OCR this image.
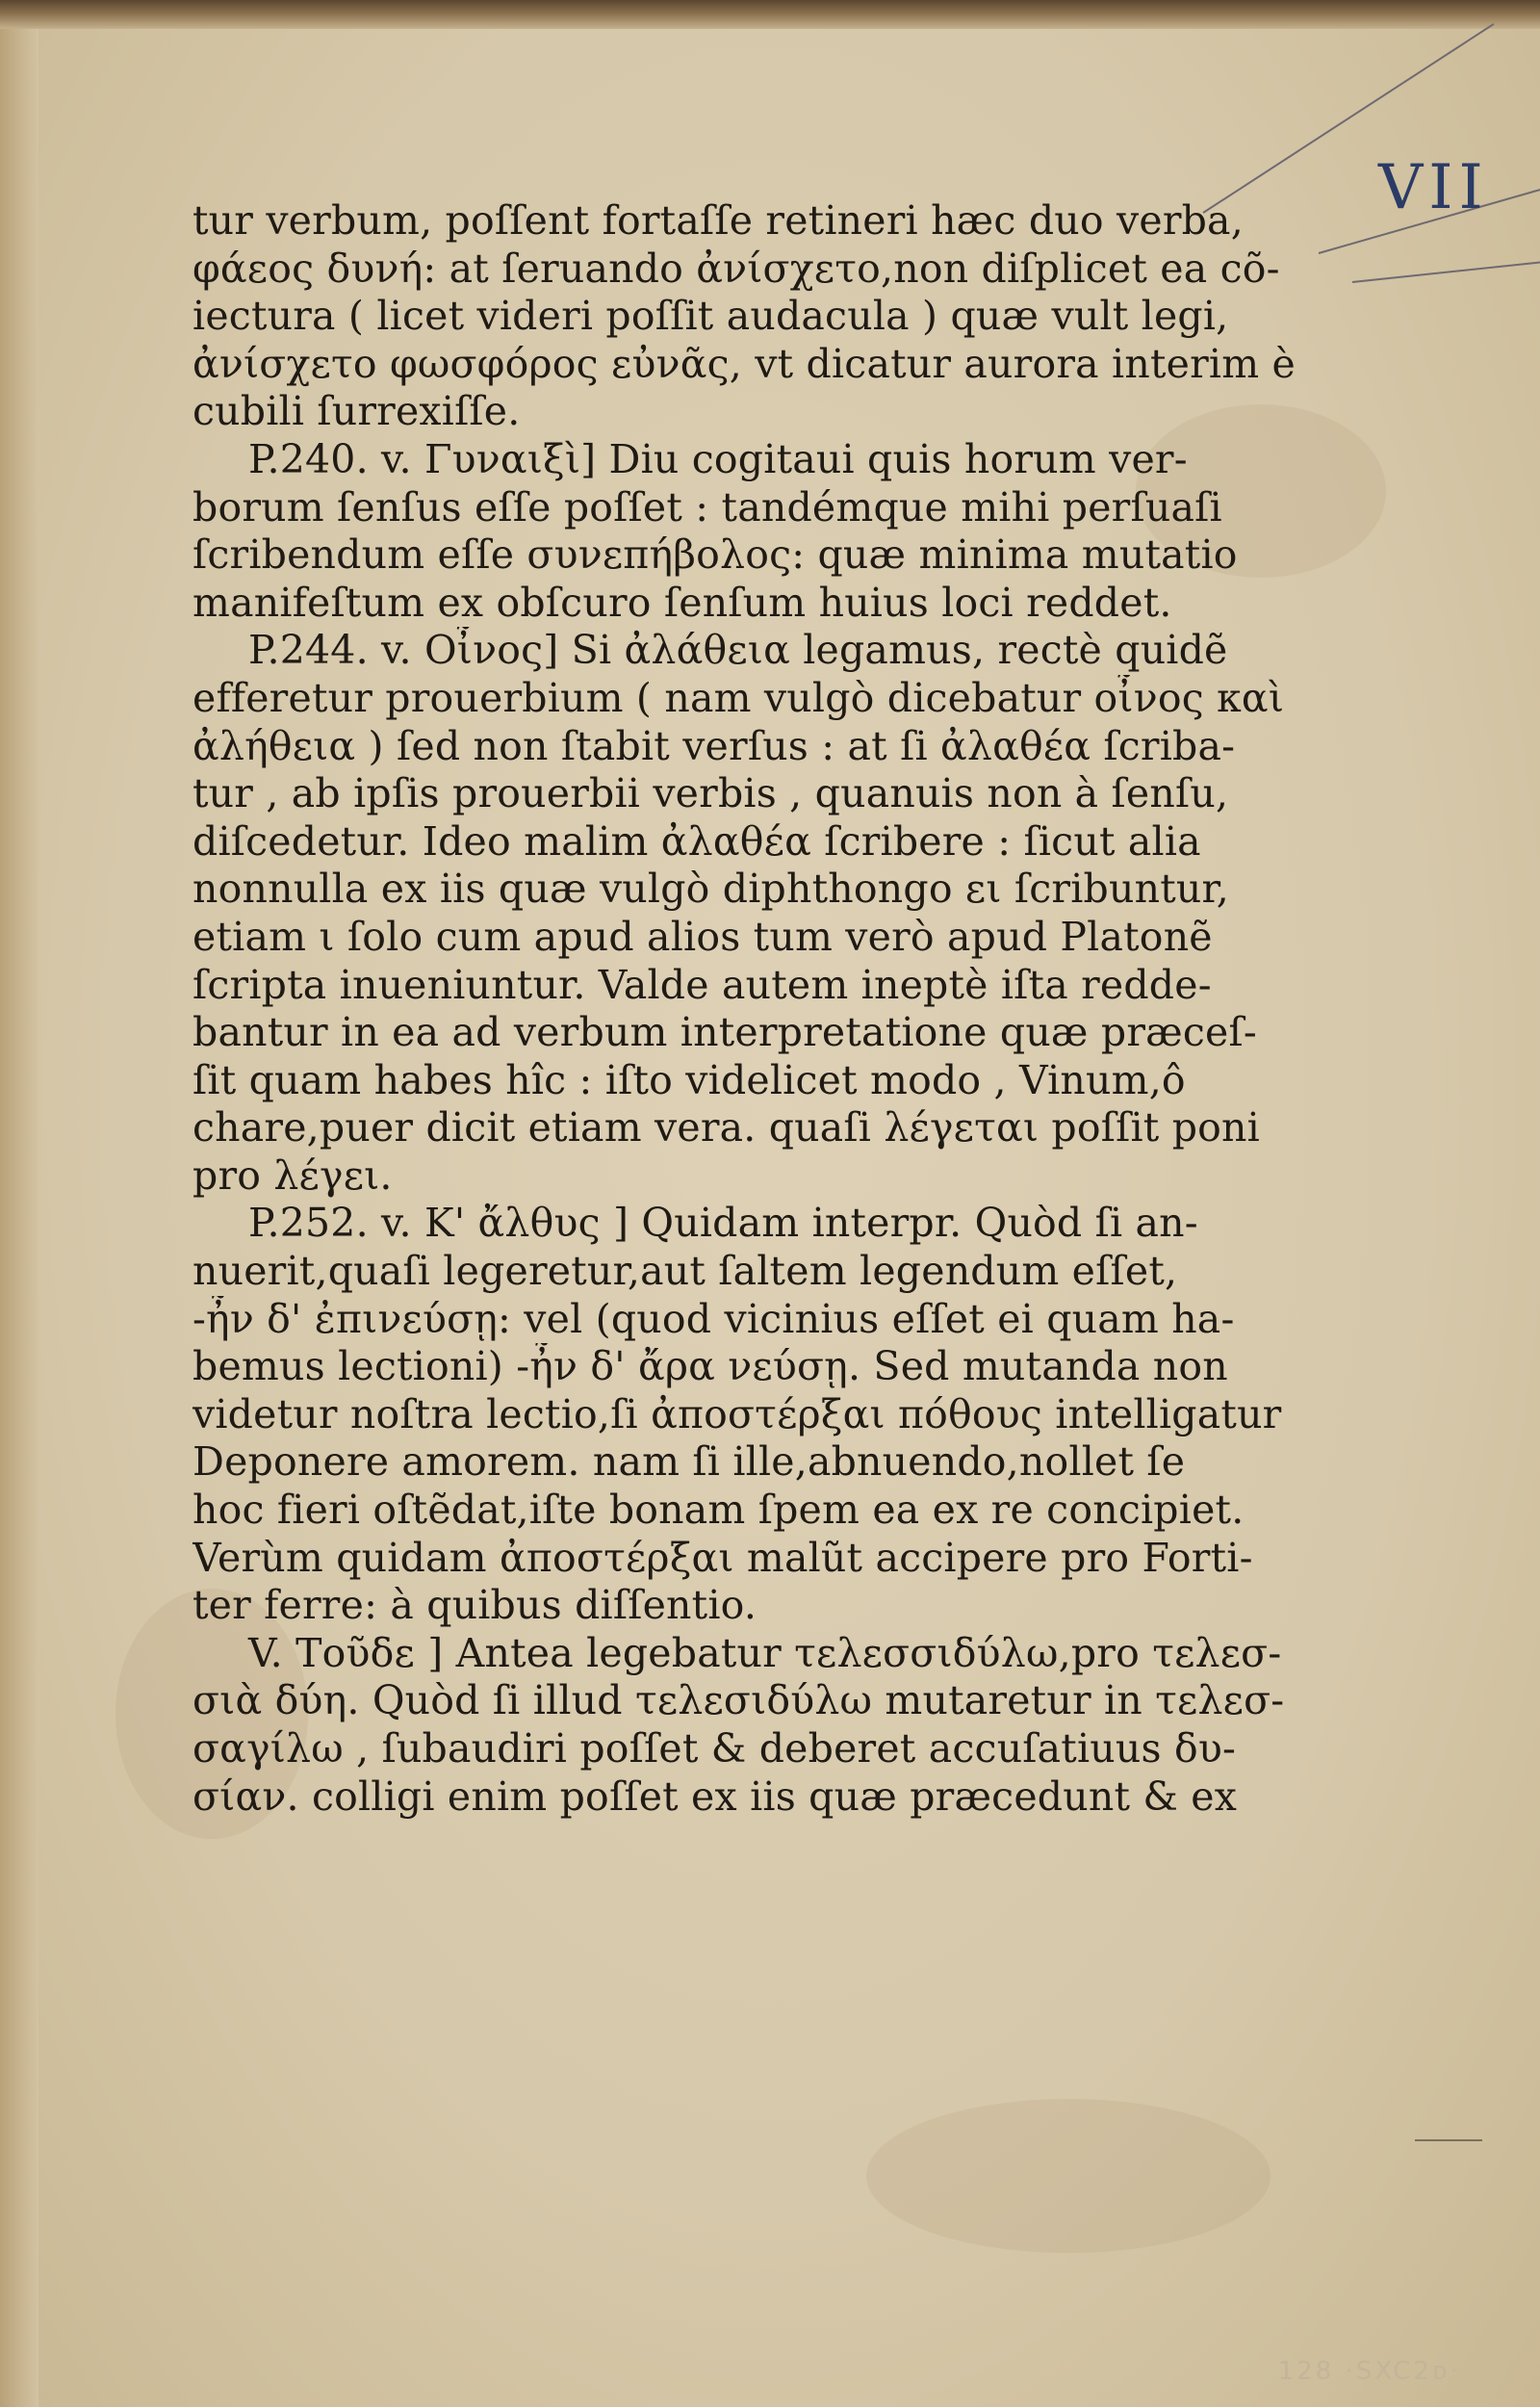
VII
tur verbum, poſſent fortaſſe retineri hæc duo verba,
φάεος δυνή: at ſeruando ἀνίσχετο,non diſplicet ea cõ-
iectura ( licet videri poſſit audacula ) quæ vult legi,
ἀνίσχετο φωσφόρος εὐνᾶς, vt dicatur aurora interim è
cubili ſurrexiſſe.
P.240. v. Γυναιξὶ] Diu cogitaui quis horum ver-
borum ſenſus eſſe poſſet : tandémque mihi perſuaſi
ſcribendum eſſe συνεπήβολος: quæ minima mutatio
manifeſtum ex obſcuro ſenſum huius loci reddet.
P.244. v. Οἶνος] Si ἀλάθεια legamus, rectè quidẽ
efferetur prouerbium ( nam vulgò dicebatur οἶνος καὶ
ἀλήθεια ) ſed non ſtabit verſus : at ſi ἀλαθέα ſcriba-
tur , ab ipſis prouerbii verbis , quanuis non à ſenſu,
diſcedetur. Ideo malim ἀλαθέα ſcribere : ſicut alia
nonnulla ex iis quæ vulgò diphthongo ει ſcribuntur,
etiam ι ſolo cum apud alios tum verò apud Platonẽ
ſcripta inueniuntur. Valde autem ineptè iſta redde-
bantur in ea ad verbum interpretatione quæ præceſ-
ſit quam habes hîc : iſto videlicet modo , Vinum,ô
chare,puer dicit etiam vera. quaſi λέγεται poſſit poni
pro λέγει.
P.252. v. Κ' ἄλθυς ] Quidam interpr. Quòd ſi an-
nuerit,quaſi legeretur,aut ſaltem legendum eſſet,
-ἦν δ' ἐπινεύσῃ: vel (quod vicinius eſſet ei quam ha-
bemus lectioni) -ἦν δ' ἄρα νεύσῃ. Sed mutanda non
videtur noſtra lectio,ſi ἀποστέρξαι πόθους intelligatur
Deponere amorem. nam ſi ille,abnuendo,nollet ſe
hoc fieri oſtẽdat,iſte bonam ſpem ea ex re concipiet.
Verùm quidam ἀποστέρξαι malũt accipere pro Forti-
ter ferre: à quibus diſſentio.
V. Τοῦδε ] Antea legebatur τελεσσιδύλω,pro τελεσ-
σιὰ δύη. Quòd ſi illud τελεσιδύλω mutaretur in τελεσ-
σαγίλω , ſubaudiri poſſet & deberet accuſatiuus δυ-
σίαν. colligi enim poſſet ex iis quæ præcedunt & ex
128 ·SXC2ᴅ·
